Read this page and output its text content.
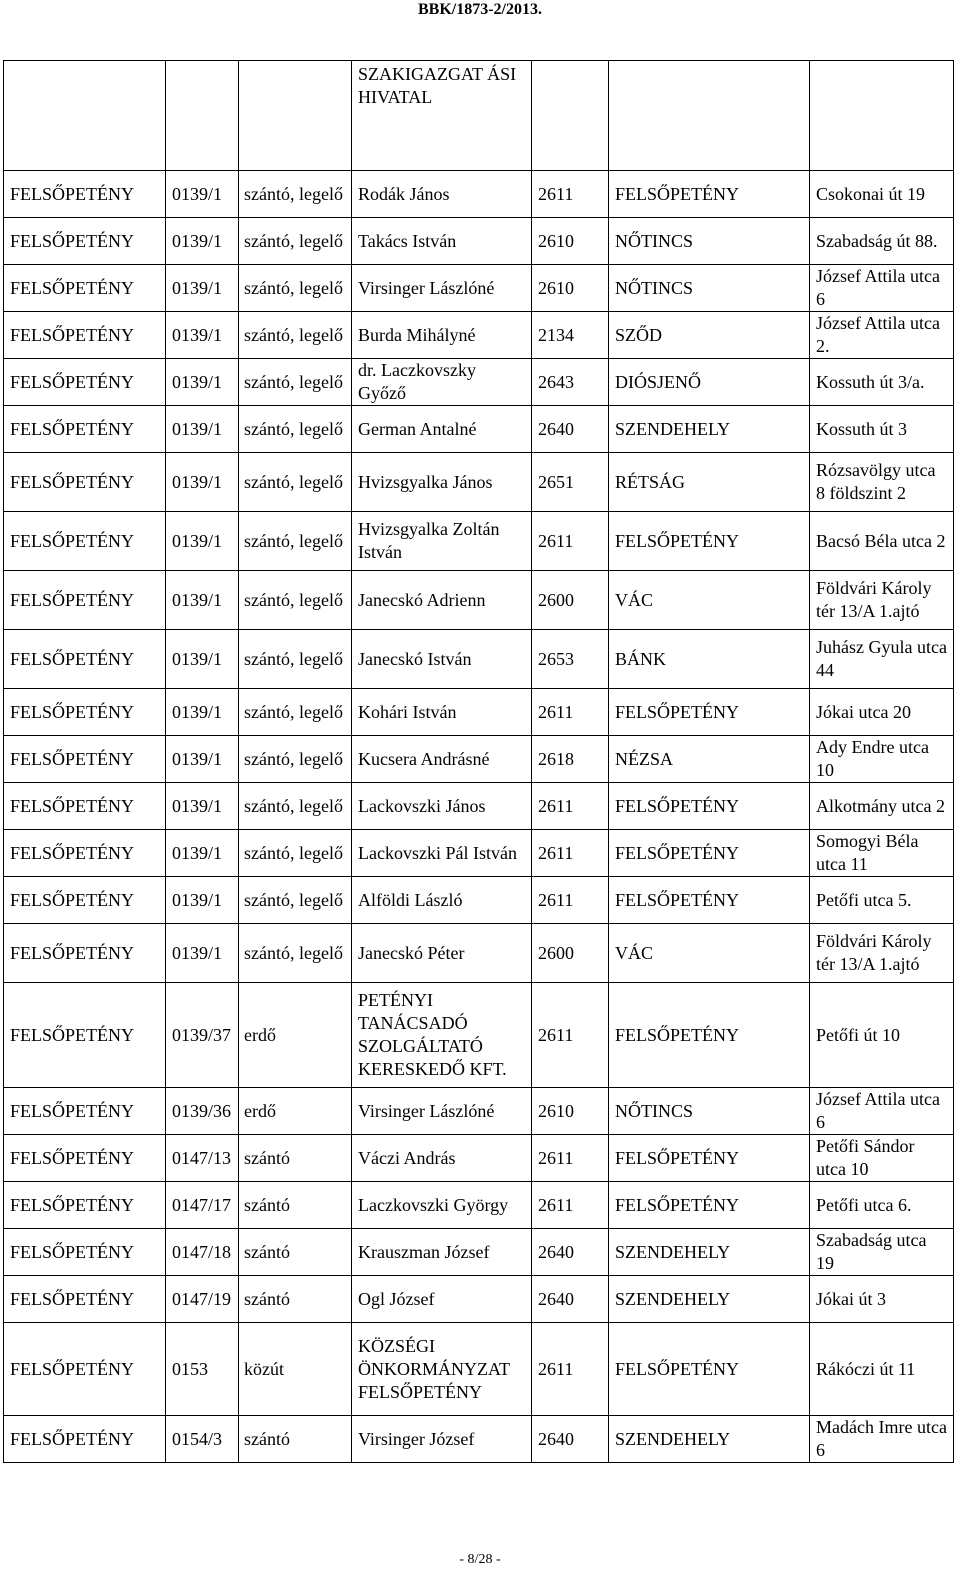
BBK/1873-2/2013.
			SZAKIGAZGAT ÁSI HIVATAL			
FELSŐPETÉNY	0139/1	szántó, legelő	Rodák János	2611	FELSŐPETÉNY	Csokonai út 19
FELSŐPETÉNY	0139/1	szántó, legelő	Takács István	2610	NŐTINCS	Szabadság út 88.
FELSŐPETÉNY	0139/1	szántó, legelő	Virsinger Lászlóné	2610	NŐTINCS	József Attila utca 6
FELSŐPETÉNY	0139/1	szántó, legelő	Burda Mihályné	2134	SZŐD	József Attila utca 2.
FELSŐPETÉNY	0139/1	szántó, legelő	dr. Laczkovszky Győző	2643	DIÓSJENŐ	Kossuth út 3/a.
FELSŐPETÉNY	0139/1	szántó, legelő	German Antalné	2640	SZENDEHELY	Kossuth út 3
FELSŐPETÉNY	0139/1	szántó, legelő	Hvizsgyalka János	2651	RÉTSÁG	Rózsavölgy utca 8 földszint 2
FELSŐPETÉNY	0139/1	szántó, legelő	Hvizsgyalka Zoltán István	2611	FELSŐPETÉNY	Bacsó Béla utca 2
FELSŐPETÉNY	0139/1	szántó, legelő	Janecskó Adrienn	2600	VÁC	Földvári Károly tér 13/A 1.ajtó
FELSŐPETÉNY	0139/1	szántó, legelő	Janecskó István	2653	BÁNK	Juhász Gyula utca 44
FELSŐPETÉNY	0139/1	szántó, legelő	Kohári István	2611	FELSŐPETÉNY	Jókai utca 20
FELSŐPETÉNY	0139/1	szántó, legelő	Kucsera Andrásné	2618	NÉZSA	Ady Endre utca 10
FELSŐPETÉNY	0139/1	szántó, legelő	Lackovszki János	2611	FELSŐPETÉNY	Alkotmány utca 2
FELSŐPETÉNY	0139/1	szántó, legelő	Lackovszki Pál István	2611	FELSŐPETÉNY	Somogyi Béla utca 11
FELSŐPETÉNY	0139/1	szántó, legelő	Alföldi László	2611	FELSŐPETÉNY	Petőfi utca 5.
FELSŐPETÉNY	0139/1	szántó, legelő	Janecskó Péter	2600	VÁC	Földvári Károly tér 13/A 1.ajtó
FELSŐPETÉNY	0139/37	erdő	PETÉNYI TANÁCSADÓ SZOLGÁLTATÓ KERESKEDŐ KFT.	2611	FELSŐPETÉNY	Petőfi út 10
FELSŐPETÉNY	0139/36	erdő	Virsinger Lászlóné	2610	NŐTINCS	József Attila utca 6
FELSŐPETÉNY	0147/13	szántó	Váczi András	2611	FELSŐPETÉNY	Petőfi Sándor utca 10
FELSŐPETÉNY	0147/17	szántó	Laczkovszki György	2611	FELSŐPETÉNY	Petőfi utca 6.
FELSŐPETÉNY	0147/18	szántó	Krauszman József	2640	SZENDEHELY	Szabadság utca 19
FELSŐPETÉNY	0147/19	szántó	Ogl József	2640	SZENDEHELY	Jókai út 3
FELSŐPETÉNY	0153	közút	KÖZSÉGI ÖNKORMÁNYZAT FELSŐPETÉNY	2611	FELSŐPETÉNY	Rákóczi út 11
FELSŐPETÉNY	0154/3	szántó	Virsinger József	2640	SZENDEHELY	Madách Imre utca 6
- 8/28 -
